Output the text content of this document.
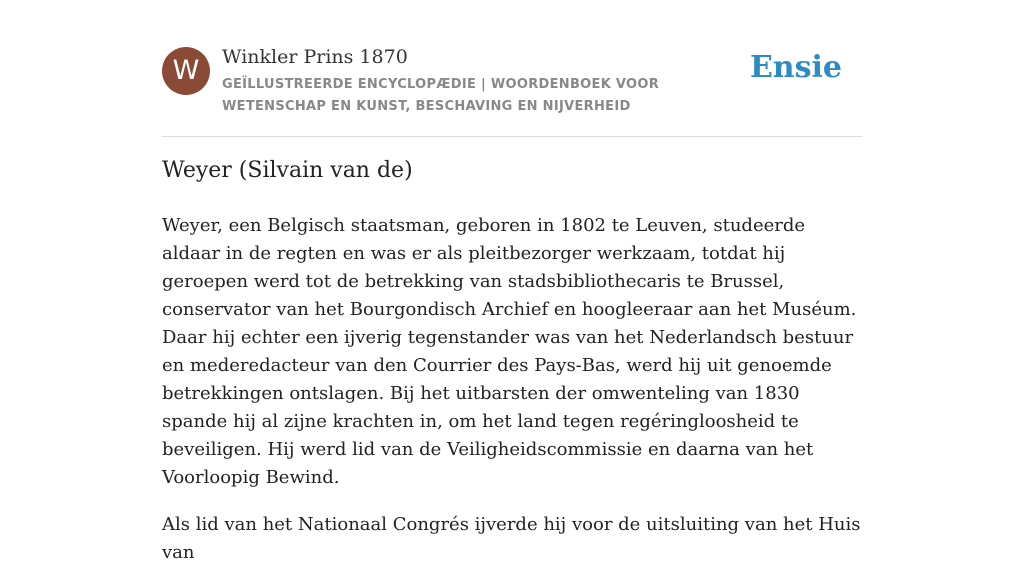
W	Winkler Prins 1870
GEÏLLUSTREERDE ENCYCLOPÆDIE | WOORDENBOEK VOOR WETENSCHAP EN KUNST, BESCHAVING EN NIJVERHEID
Ensie
Weyer (Silvain van de)

Weyer, een Belgisch staatsman, geboren in 1802 te Leuven, studeerde aldaar in de regten en was er als pleitbezorger werkzaam, totdat hij geroepen werd tot de betrekking van stadsbibliothecaris te Brussel, conservator van het Bourgondisch Archief en hoogleeraar aan het Muséum. Daar hij echter een ijverig tegenstander was van het Nederlandsch bestuur en mederedacteur van den Courrier des Pays-Bas, werd hij uit genoemde betrekkingen ontslagen. Bij het uitbarsten der omwenteling van 1830 spande hij al zijne krachten in, om het land tegen regéringloosheid te beveiligen. Hij werd lid van de Veiligheidscommissie en daarna van het Voorloopig Bewind.

Als lid van het Nationaal Congrés ijverde hij voor de uitsluiting van het Huis van
